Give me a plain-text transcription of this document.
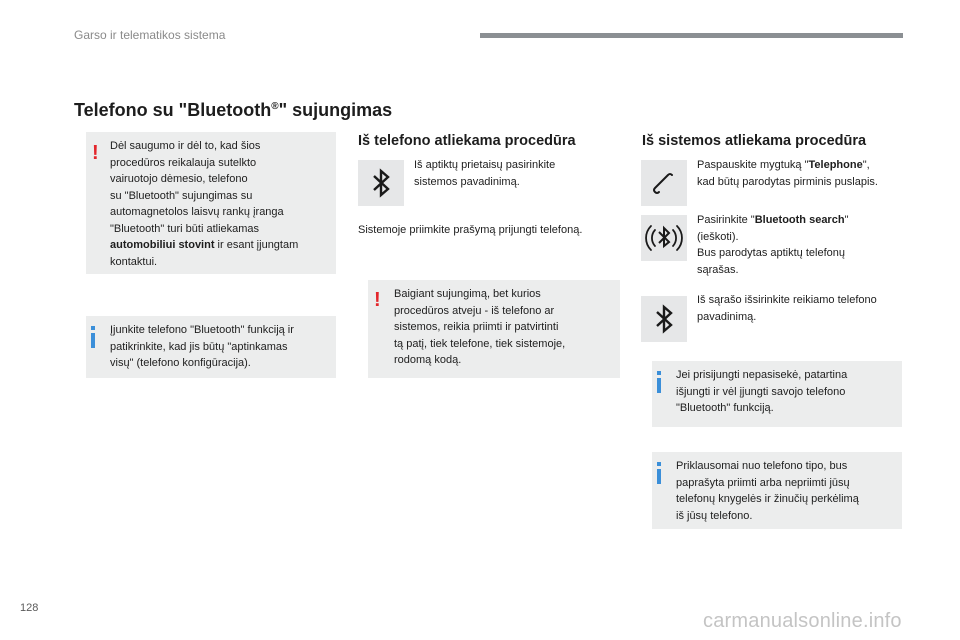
Garso ir telematikos sistema
Telefono su "Bluetooth®" sujungimas
! Dėl saugumo ir dėl to, kad šios
procedūros reikalauja sutelkto
vairuotojo dėmesio, telefono
su "Bluetooth" sujungimas su
automagnetolos laisvų rankų įranga
"Bluetooth" turi būti atliekamas
automobiliui stovint ir esant įjungtam
kontaktui.
Įjunkite telefono "Bluetooth" funkciją ir
patikrinkite, kad jis būtų "aptinkamas
visų" (telefono konfigūracija).
Iš telefono atliekama procedūra
Iš aptiktų prietaisų pasirinkite
sistemos pavadinimą.
Sistemoje priimkite prašymą prijungti telefoną.
! Baigiant sujungimą, bet kurios
procedūros atveju - iš telefono ar
sistemos, reikia priimti ir patvirtinti
tą patį, tiek telefone, tiek sistemoje,
rodomą kodą.
Iš sistemos atliekama procedūra
Paspauskite mygtuką "Telephone",
kad būtų parodytas pirminis puslapis.
Pasirinkite "Bluetooth search"
(ieškoti).
Bus parodytas aptiktų telefonų
sąrašas.
Iš sąrašo išsirinkite reikiamo telefono
pavadinimą.
Jei prisijungti nepasisekė, patartina
išjungti ir vėl įjungti savojo telefono
"Bluetooth" funkciją.
Priklausomai nuo telefono tipo, bus
paprašyta priimti arba nepriimti jūsų
telefonų knygelės ir žinučių perkėlimą
iš jūsų telefono.
128
carmanualsonline.info
